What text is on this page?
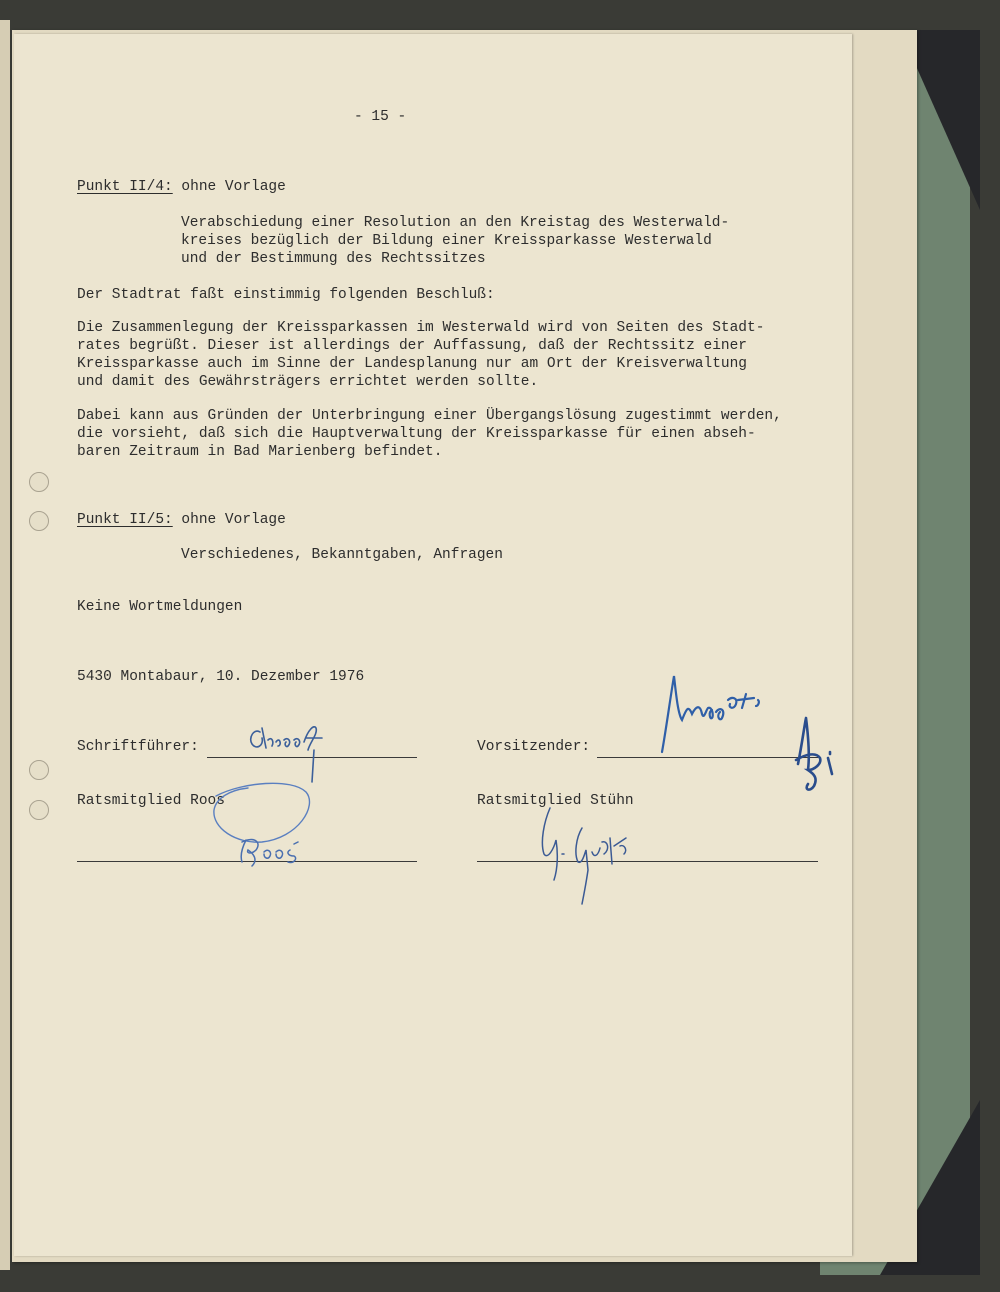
- 15 -
Punkt II/4: ohne Vorlage
Verabschiedung einer Resolution an den Kreistag des Westerwald-
kreises bezüglich der Bildung einer Kreissparkasse Westerwald
und der Bestimmung des Rechtssitzes
Der Stadtrat faßt einstimmig folgenden Beschluß:
Die Zusammenlegung der Kreissparkassen im Westerwald wird von Seiten des Stadt-
rates begrüßt. Dieser ist allerdings der Auffassung, daß der Rechtssitz einer
Kreissparkasse auch im Sinne der Landesplanung nur am Ort der Kreisverwaltung
und damit des Gewährsträgers errichtet werden sollte.
Dabei kann aus Gründen der Unterbringung einer Übergangslösung zugestimmt werden,
die vorsieht, daß sich die Hauptverwaltung der Kreissparkasse für einen abseh-
baren Zeitraum in Bad Marienberg befindet.
Punkt II/5: ohne Vorlage
Verschiedenes, Bekanntgaben, Anfragen
Keine Wortmeldungen
5430 Montabaur, 10. Dezember 1976
Schriftführer:	Vorsitzender:
Ratsmitglied Roos	Ratsmitglied Stühn
